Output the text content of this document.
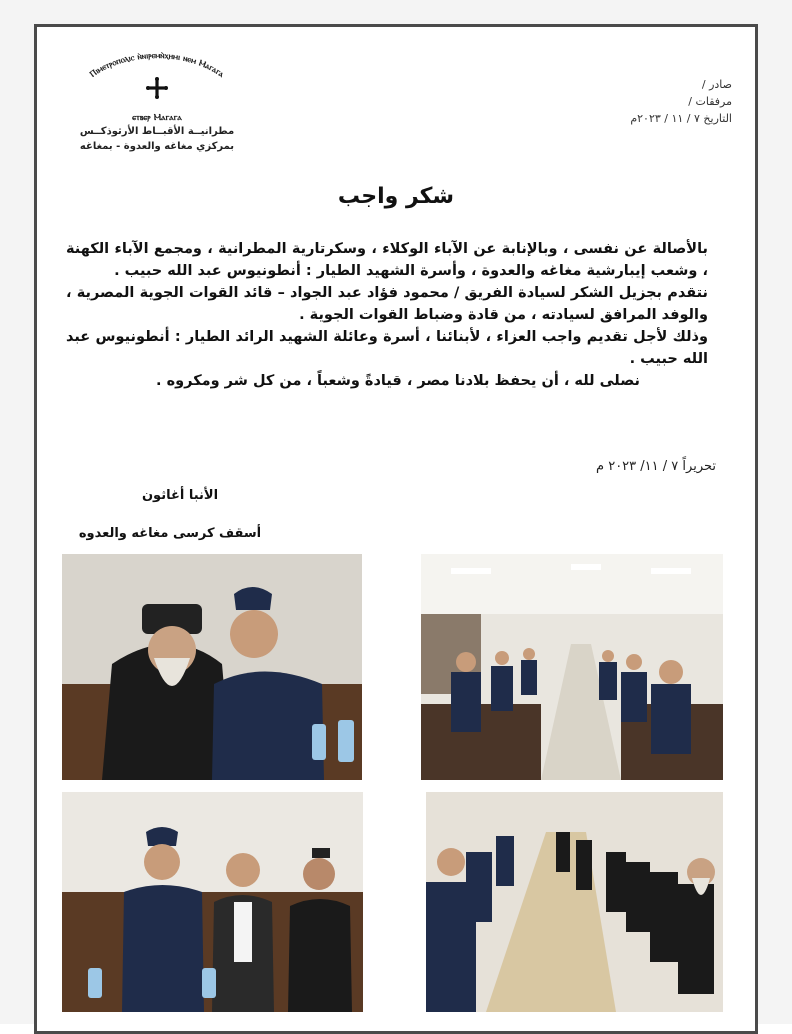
Ⲡⲓⲙⲉⲧⲣⲟⲡⲟⲗⲓⲥ ⲛ̀ⲛⲓⲣⲉⲙⲛ̀ⲭⲏⲙⲓ ⲛⲉⲙ Ⲙⲁⲅⲁⲅⲁ
ⲉⲧⲃⲉⲣ Ⲙⲁⲅⲁⲅⲁ
مطرانيــة الأقبــاط الأرثوذكــس
بمركزي مغاغه والعدوة - بمغاغه
صادر /
مرفقات /
التاريخ ٧ / ١١ / ٢٠٢٣م
شكر واجب

بالأصالة عن نفسى ، وبالإنابة عن الآباء الوكلاء ، وسكرتارية المطرانية ، ومجمع الآباء الكهنة ، وشعب إيبارشية مغاغه والعدوة ، وأسرة الشهيد الطيار : أنطونيوس عبد الله حبيب .

نتقدم بجزيل الشكر لسيادة الفريق / محمود فؤاد عبد الجواد – قائد القوات الجوية المصرية ، والوفد المرافق لسيادته ، من قادة وضباط القوات الجوية .

وذلك لأجل تقديم واجب العزاء ، لأبنائنا ، أسرة وعائلة الشهيد الرائد الطيار : أنطونيوس عبد الله حبيب .

نصلى لله ، أن يحفظ بلادنا مصر ، قيادةً وشعباً ، من كل شر ومكروه .

تحريراً ٧ / ١١/ ٢٠٢٣ م
الأنبا أغاثون
أسقف كرسى مغاغه والعدوه
